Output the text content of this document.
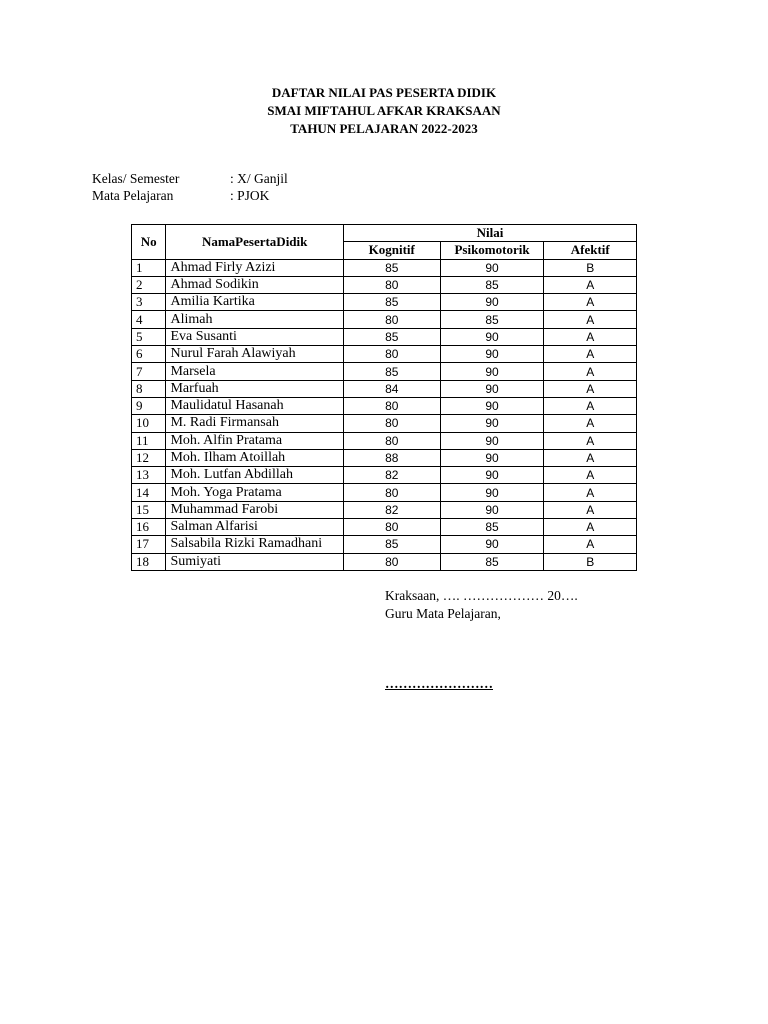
DAFTAR NILAI PAS PESERTA DIDIK
SMAI MIFTAHUL AFKAR KRAKSAAN
TAHUN PELAJARAN 2022-2023
Kelas/ Semester	: X/ Ganjil
Mata Pelajaran	: PJOK
No	NamaPesertaDidik	Nilai		
		Kognitif	Psikomotorik	Afektif
1	Ahmad Firly Azizi	85	90	B
2	Ahmad Sodikin	80	85	A
3	Amilia Kartika	85	90	A
4	Alimah	80	85	A
5	Eva Susanti	85	90	A
6	Nurul Farah Alawiyah	80	90	A
7	Marsela	85	90	A
8	Marfuah	84	90	A
9	Maulidatul Hasanah	80	90	A
10	M. Radi Firmansah	80	90	A
11	Moh. Alfin Pratama	80	90	A
12	Moh. Ilham Atoillah	88	90	A
13	Moh. Lutfan Abdillah	82	90	A
14	Moh. Yoga Pratama	80	90	A
15	Muhammad Farobi	82	90	A
16	Salman Alfarisi	80	85	A
17	Salsabila Rizki Ramadhani	85	90	A
18	Sumiyati	80	85	B
Kraksaan, …. ……………… 20….
Guru Mata Pelajaran,
……………………
